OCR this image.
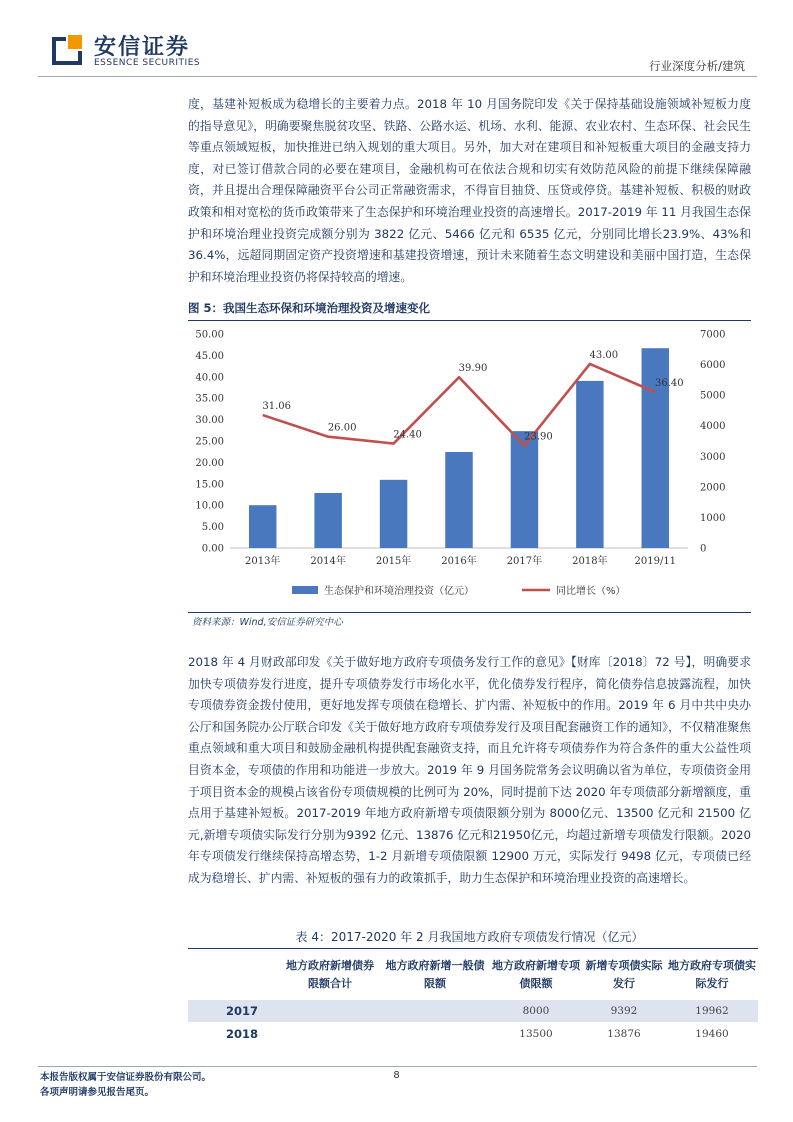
安信证券
ESSENCE SECURITIES	行业深度分析/建筑

度，基建补短板成为稳增长的主要着力点。2018 年 10 月国务院印发《关于保持基础设施领域补短板力度的指导意见》，明确要聚焦脱贫攻坚、铁路、公路水运、机场、水利、能源、农业农村、生态环保、社会民生等重点领域短板，加快推进已纳入规划的重大项目。另外，加大对在建项目和补短板重大项目的金融支持力度，对已签订借款合同的必要在建项目，金融机构可在依法合规和切实有效防范风险的前提下继续保障融资，并且提出合理保障融资平台公司正常融资需求，不得盲目抽贷、压贷或停贷。基建补短板、积极的财政政策和相对宽松的货币政策带来了生态保护和环境治理业投资的高速增长。2017-2019 年 11 月我国生态保护和环境治理业投资完成额分别为 3822 亿元、5466 亿元和 6535 亿元，分别同比增长23.9%、43%和 36.4%，远超同期固定资产投资增速和基建投资增速，预计未来随着生态文明建设和美丽中国打造，生态保护和环境治理业投资仍将保持较高的增速。

图 5：我国生态环保和环境治理投资及增速变化
0.00
5.00
10.00
15.00
20.00
25.00
30.00
35.00
40.00
45.00
50.00
0
1000
2000
3000
4000
5000
6000
7000
2013年	2014年	2015年	2016年	2017年	2018年	2019/11
31.06
26.00
24.40
39.90
23.90
43.00
36.40
生态保护和环境治理投资（亿元）	同比增长（%）
资料来源：Wind,安信证券研究中心

2018 年 4 月财政部印发《关于做好地方政府专项债务发行工作的意见》【财库〔2018〕72 号】，明确要求加快专项债券发行进度，提升专项债券发行市场化水平，优化债券发行程序，简化债券信息披露流程，加快专项债券资金拨付使用，更好地发挥专项债在稳增长、扩内需、补短板中的作用。2019 年 6 月中共中央办公厅和国务院办公厅联合印发《关于做好地方政府专项债券发行及项目配套融资工作的通知》，不仅精准聚焦重点领域和重大项目和鼓励金融机构提供配套融资支持，而且允许将专项债券作为符合条件的重大公益性项目资本金，专项债的作用和功能进一步放大。2019 年 9 月国务院常务会议明确以省为单位，专项债资金用于项目资本金的规模占该省份专项债规模的比例可为 20%，同时提前下达 2020 年专项债部分新增额度，重点用于基建补短板。2017-2019 年地方政府新增专项债限额分别为 8000亿元、13500 亿元和 21500 亿元,新增专项债实际发行分别为9392 亿元、13876 亿元和21950亿元，均超过新增专项债发行限额。2020 年专项债发行继续保持高增态势，1-2 月新增专项债限额 12900 万元，实际发行 9498 亿元，专项债已经成为稳增长、扩内需、补短板的强有力的政策抓手，助力生态保护和环境治理业投资的高速增长。

表 4：2017-2020 年 2 月我国地方政府专项债发行情况（亿元）
	地方政府新增债券限额合计	地方政府新增一般债限额	地方政府新增专项债限额	新增专项债实际发行	地方政府专项债实际发行
2017			8000	9392	19962
2018			13500	13876	19460
本报告版权属于安信证券股份有限公司。
各项声明请参见报告尾页。
8
